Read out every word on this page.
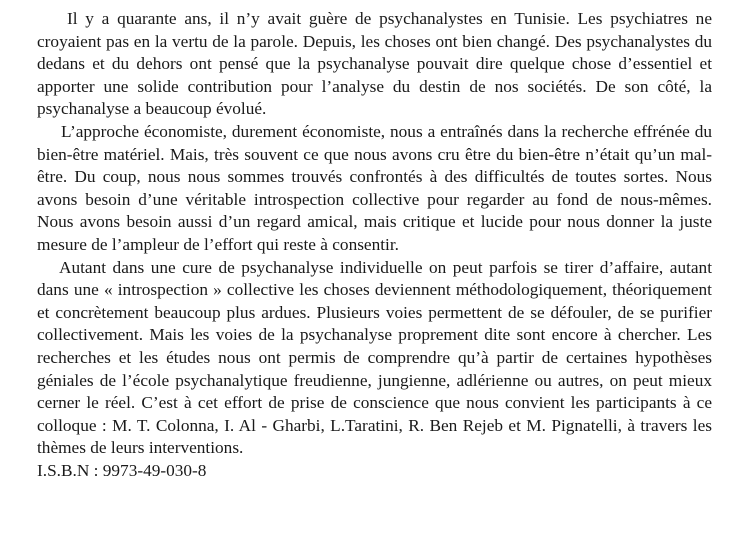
Il y a quarante ans, il n’y avait guère de psychanalystes en Tunisie. Les psychiatres ne croyaient pas en la vertu de la parole. Depuis, les choses ont bien changé. Des psychanalystes du dedans et du dehors ont pensé que la psychanalyse pouvait dire quelque chose d’essentiel et apporter une solide contribution pour l’analyse du destin de nos sociétés. De son côté, la psychanalyse a beaucoup évolué.

L’approche économiste, durement économiste, nous a entraînés dans la recherche effrénée du bien-être matériel. Mais, très souvent ce que nous avons cru être du bien-être n’était qu’un mal-être. Du coup, nous nous sommes trouvés confrontés à des difficultés de toutes sortes. Nous avons besoin d’une véritable introspection collective pour regarder au fond de nous-mêmes. Nous avons besoin aussi d’un regard amical, mais critique et lucide pour nous donner la juste mesure de l’ampleur de l’effort qui reste à consentir.

Autant dans une cure de psychanalyse individuelle on peut parfois se tirer d’affaire, autant dans une « introspection » collective les choses deviennent méthodologiquement, théoriquement et concrètement beaucoup plus ardues. Plusieurs voies permettent de se défouler, de se purifier collectivement. Mais les voies de la psychanalyse proprement dite sont encore à chercher. Les recherches et les études nous ont permis de comprendre qu’à partir de certaines hypothèses géniales de l’école psychanalytique freudienne, jungienne, adlérienne ou autres, on peut mieux cerner le réel. C’est à cet effort de prise de conscience que nous convient les participants à ce colloque : M. T. Colonna, I. Al - Gharbi, L.Taratini, R. Ben Rejeb et M. Pignatelli, à travers les thèmes de leurs interventions.

I.S.B.N : 9973-49-030-8
